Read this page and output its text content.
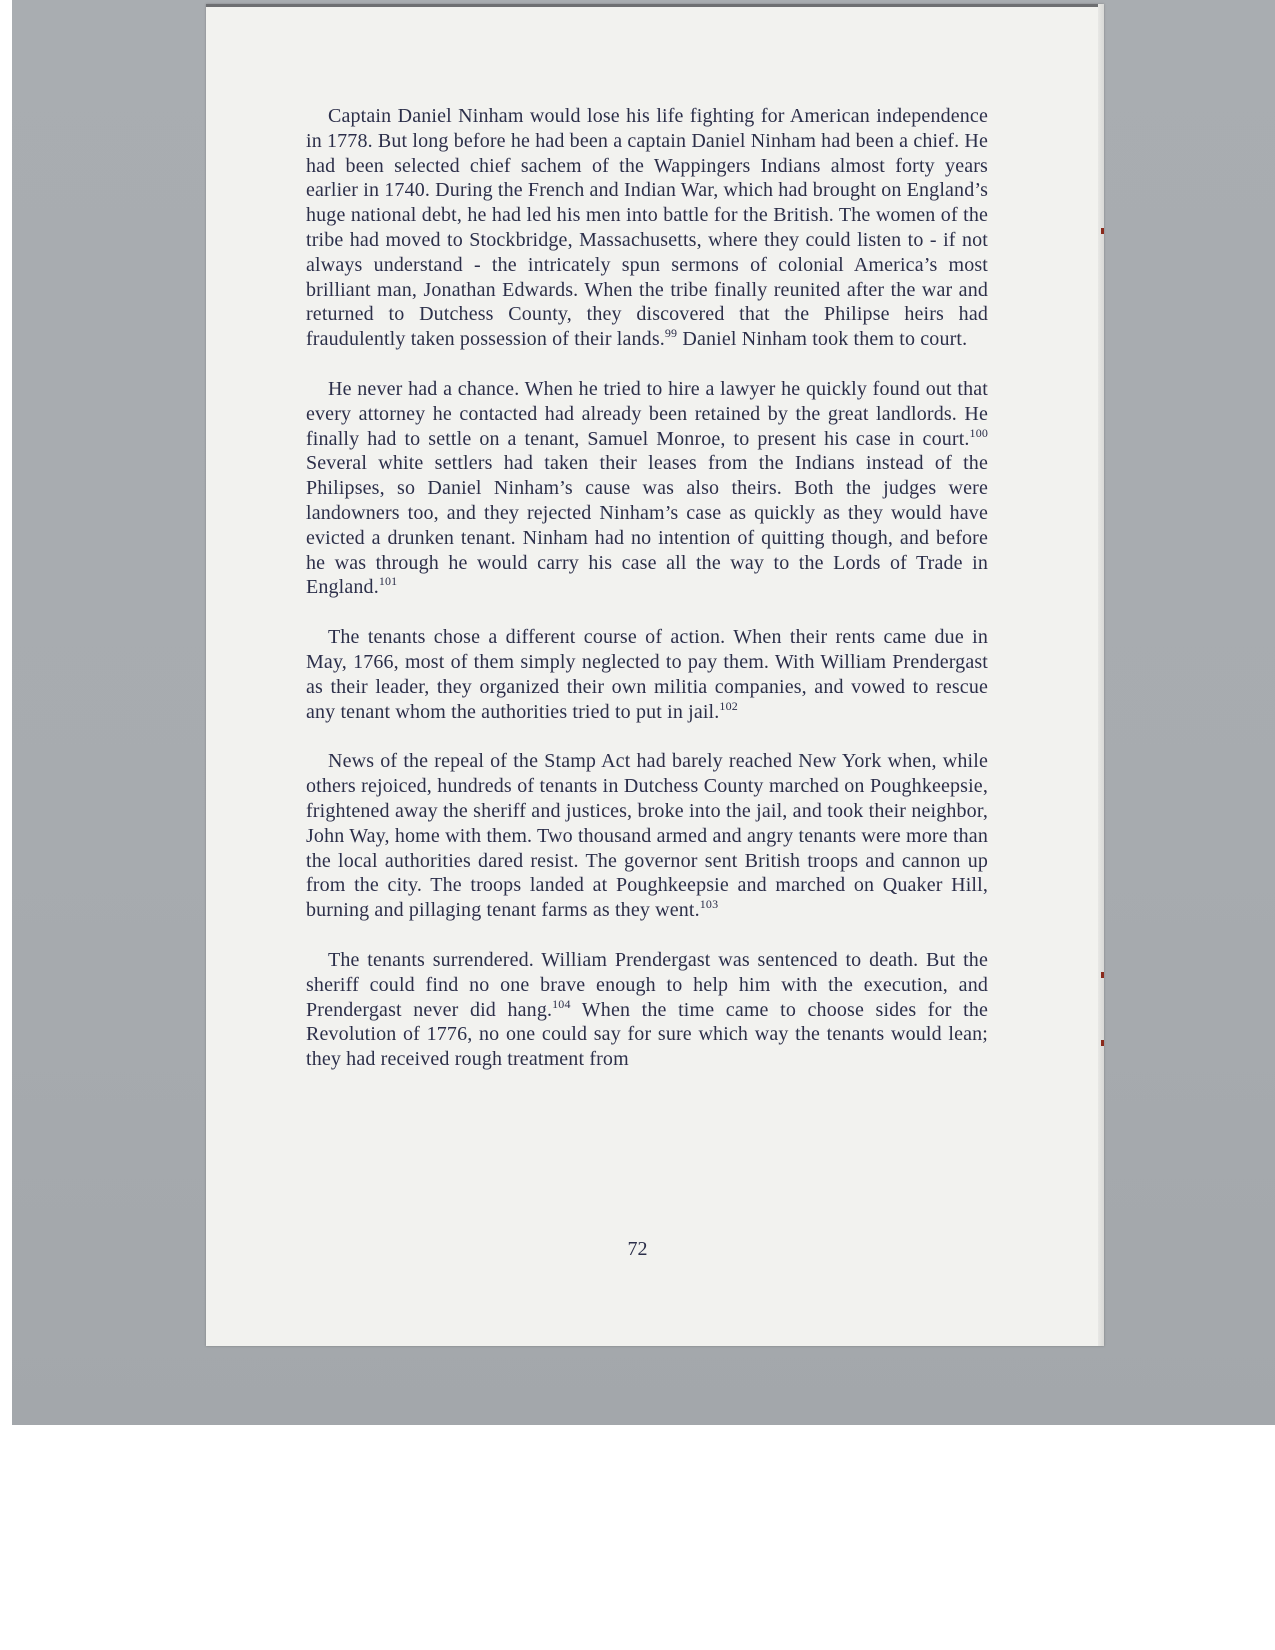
Captain Daniel Ninham would lose his life fighting for American independence in 1778. But long before he had been a captain Daniel Ninham had been a chief. He had been selected chief sachem of the Wappingers Indians almost forty years earlier in 1740. During the French and Indian War, which had brought on England’s huge national debt, he had led his men into battle for the British. The women of the tribe had moved to Stockbridge, Massachusetts, where they could listen to - if not always understand - the intricately spun sermons of colonial America’s most brilliant man, Jonathan Edwards. When the tribe finally reunited after the war and returned to Dutchess County, they discovered that the Philipse heirs had fraudulently taken possession of their lands.$^{99}$ Daniel Ninham took them to court.

He never had a chance. When he tried to hire a lawyer he quickly found out that every attorney he contacted had already been retained by the great landlords. He finally had to settle on a tenant, Samuel Monroe, to present his case in court.$^{100}$ Several white settlers had taken their leases from the Indians instead of the Philipses, so Daniel Ninham’s cause was also theirs. Both the judges were landowners too, and they rejected Ninham’s case as quickly as they would have evicted a drunken tenant. Ninham had no intention of quitting though, and before he was through he would carry his case all the way to the Lords of Trade in England.$^{101}$

The tenants chose a different course of action. When their rents came due in May, 1766, most of them simply neglected to pay them. With William Prendergast as their leader, they organized their own militia companies, and vowed to rescue any tenant whom the authorities tried to put in jail.$^{102}$

News of the repeal of the Stamp Act had barely reached New York when, while others rejoiced, hundreds of tenants in Dutchess County marched on Poughkeepsie, frightened away the sheriff and justices, broke into the jail, and took their neighbor, John Way, home with them. Two thousand armed and angry tenants were more than the local authorities dared resist. The governor sent British troops and cannon up from the city. The troops landed at Poughkeepsie and marched on Quaker Hill, burning and pillaging tenant farms as they went.$^{103}$

The tenants surrendered. William Prendergast was sentenced to death. But the sheriff could find no one brave enough to help him with the execution, and Prendergast never did hang.$^{104}$ When the time came to choose sides for the Revolution of 1776, no one could say for sure which way the tenants would lean; they had received rough treatment from

72
